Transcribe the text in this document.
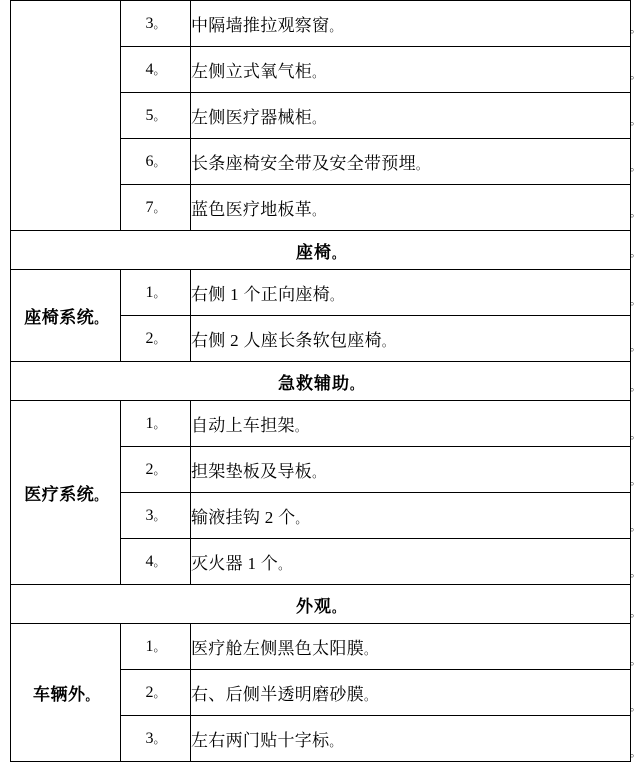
	3 。	中隔墙推拉观察窗 。
	4 。	左侧立式氧气柜 。
	5 。	左侧医疗器械柜 。
	6 。	长条座椅安全带及安全带预埋 。
	7 。	蓝色医疗地板革 。
座椅 。
座椅系统 。	1 。	右侧 1 个正向座椅 。
	2 。	右侧 2 人座长条软包座椅 。
急救辅助 。
医疗系统 。	1 。	自动上车担架 。
	2 。	担架垫板及导板 。
	3 。	输液挂钩 2 个 。
	4 。	灭火器 1 个 。
外观 。
车辆外 。	1 。	医疗舱左侧黑色太阳膜 。
	2 。	右、后侧半透明磨砂膜 。
	3 。	左右两门贴十字标 。
。
。
。
。
。
。
。
。
。
。
。
。
。
。
。
。
。
